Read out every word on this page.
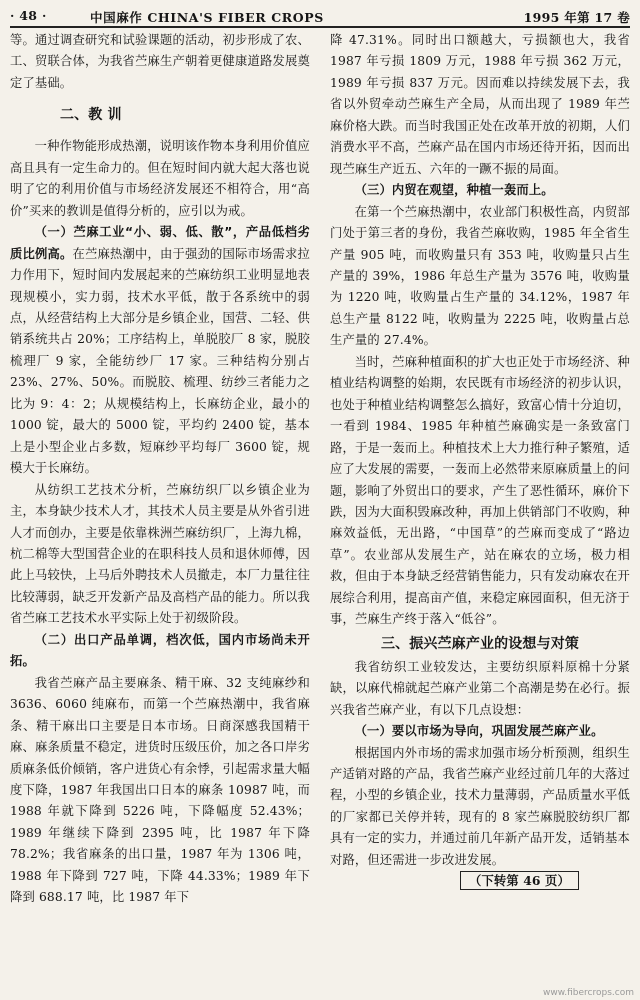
· 48 ·	中国麻作 CHINA'S FIBER CROPS	1995 年第 17 卷

等。通过调查研究和试验课题的活动，初步形成了农、工、贸联合体，为我省苎麻生产朝着更健康道路发展奠定了基础。

二、教 训

一种作物能形成热潮，说明该作物本身利用价值应高且具有一定生命力的。但在短时间内就大起大落也说明了它的利用价值与市场经济发展还不相符合，用“高价”买来的教训是值得分析的，应引以为戒。

（一）苎麻工业“小、弱、低、散”，产品低档劣质比例高。在苎麻热潮中，由于强劲的国际市场需求拉力作用下，短时间内发展起来的苎麻纺织工业明显地表现规模小，实力弱，技术水平低，散于各系统中的弱点，从经营结构上大部分是乡镇企业，国营、二轻、供销系统共占 20%；工序结构上，单脱胶厂 8 家，脱胶梳理厂 9 家，全能纺纱厂 17 家。三种结构分别占 23%、27%、50%。而脱胶、梳理、纺纱三者能力之比为 9：4：2；从规模结构上，长麻纺企业，最小的 1000 锭，最大的 5000 锭，平均约 2400 锭，基本上是小型企业占多数，短麻纱平均每厂 3600 锭，规模大于长麻纺。

从纺织工艺技术分析，苎麻纺织厂以乡镇企业为主，本身缺少技术人才，其技术人员主要是从外省引进人才而创办，主要是依靠株洲苎麻纺织厂，上海九棉，杭二棉等大型国营企业的在职科技人员和退休师傅，因此上马较快，上马后外聘技术人员撤走，本厂力量往往比较薄弱，缺乏开发新产品及高档产品的能力。所以我省苎麻工艺技术水平实际上处于初级阶段。

（二）出口产品单调，档次低，国内市场尚未开拓。

我省苎麻产品主要麻条、精干麻、32 支纯麻纱和 3636、6060 纯麻布，而第一个苎麻热潮中，我省麻条、精干麻出口主要是日本市场。日商深感我国精干麻、麻条质量不稳定，进货时压级压价，加之各口岸劣质麻条低价倾销，客户进货心有余悸，引起需求量大幅度下降，1987 年我国出口日本的麻条 10987 吨，而 1988 年就下降到 5226 吨，下降幅度 52.43%；1989 年继续下降到 2395 吨，比 1987 年下降 78.2%；我省麻条的出口量，1987 年为 1306 吨，1988 年下降到 727 吨，下降 44.33%；1989 年下降到 688.17 吨，比 1987 年下

降 47.31%。同时出口额越大，亏损额也大，我省 1987 年亏损 1809 万元，1988 年亏损 362 万元，1989 年亏损 837 万元。因而难以持续发展下去，我省以外贸牵动苎麻生产全局，从而出现了 1989 年苎麻价格大跌。而当时我国正处在改革开放的初期，人们消费水平不高，苎麻产品在国内市场还待开拓，因而出现苎麻生产近五、六年的一蹶不振的局面。

（三）内贸在观望，种植一轰而上。

在第一个苎麻热潮中，农业部门积极性高，内贸部门处于第三者的身份，我省苎麻收购，1985 年全省生产量 905 吨，而收购量只有 353 吨，收购量只占生产量的 39%，1986 年总生产量为 3576 吨，收购量为 1220 吨，收购量占生产量的 34.12%，1987 年总生产量 8122 吨，收购量为 2225 吨，收购量占总生产量的 27.4%。

当时，苎麻种植面积的扩大也正处于市场经济、种植业结构调整的始期，农民既有市场经济的初步认识，也处于种植业结构调整怎么搞好，致富心情十分迫切，一看到 1984、1985 年种植苎麻确实是一条致富门路，于是一轰而上。种植技术上大力推行种子繁殖，适应了大发展的需要，一轰而上必然带来原麻质量上的问题，影响了外贸出口的要求，产生了恶性循环，麻价下跌，因为大面积毁麻改种，再加上供销部门不收购，种麻效益低，无出路，“中国草”的苎麻而变成了“路边草”。农业部从发展生产，站在麻农的立场，极力相救，但由于本身缺乏经营销售能力，只有发动麻农在开展综合利用，提高亩产值，来稳定麻园面积，但无济于事，苎麻生产终于落入“低谷”。

三、振兴苎麻产业的设想与对策

我省纺织工业较发达，主要纺织原料原棉十分紧缺，以麻代棉就起苎麻产业第二个高潮是势在必行。振兴我省苎麻产业，有以下几点设想：

（一）要以市场为导向，巩固发展苎麻产业。

根据国内外市场的需求加强市场分析预测，组织生产适销对路的产品，我省苎麻产业经过前几年的大落过程，小型的乡镇企业，技术力量薄弱，产品质量水平低的厂家都已关停并转，现有的 8 家苎麻脱胶纺织厂都具有一定的实力，并通过前几年新产品开发，适销基本对路，但还需进一步改进发展。

（下转第 46 页）

www.fibercrops.com
